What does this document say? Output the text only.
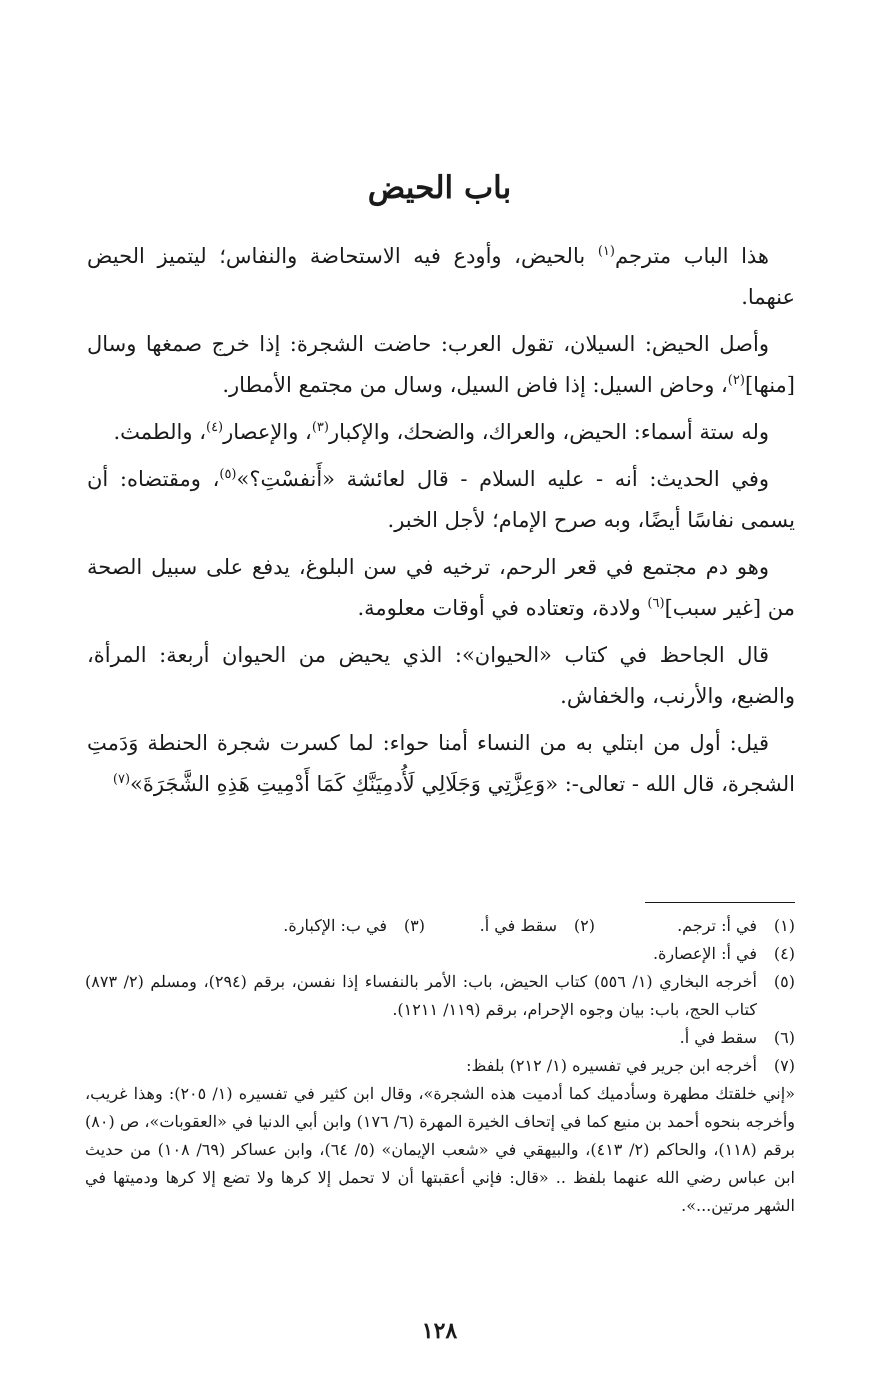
باب الحيض

هذا الباب مترجم$^{(١)}$ بالحيض، وأودع فيه الاستحاضة والنفاس؛ ليتميز الحيض عنهما.

وأصل الحيض: السيلان، تقول العرب: حاضت الشجرة: إذا خرج صمغها وسال [منها]$^{(٢)}$، وحاض السيل: إذا فاض السيل، وسال من مجتمع الأمطار.

وله ستة أسماء: الحيض، والعراك، والضحك، والإكبار$^{(٣)}$، والإعصار$^{(٤)}$، والطمث.

وفي الحديث: أنه - عليه السلام - قال لعائشة «أَنفسْتِ؟»$^{(٥)}$، ومقتضاه: أن يسمى نفاسًا أيضًا، وبه صرح الإمام؛ لأجل الخبر.

وهو دم مجتمع في قعر الرحم، ترخيه في سن البلوغ، يدفع على سبيل الصحة من [غير سبب]$^{(٦)}$ ولادة، وتعتاده في أوقات معلومة.

قال الجاحظ في كتاب «الحيوان»: الذي يحيض من الحيوان أربعة: المرأة، والضبع، والأرنب، والخفاش.

قيل: أول من ابتلي به من النساء أمنا حواء: لما كسرت شجرة الحنطة وَدَمتِ الشجرة، قال الله - تعالى-: «وَعِزَّتِي وَجَلَالِي لَأُدمِيَنَّكِ كَمَا أَدْمِيتِ هَذِهِ الشَّجَرَةَ»$^{(٧)}$

(١)
في أ: ترجم.
(٢)
سقط في أ.
(٣)
في ب: الإكبارة.
(٤)
في أ: الإعصارة.
(٥)
أخرجه البخاري (١/ ٥٥٦) كتاب الحيض، باب: الأمر بالنفساء إذا نفسن، برقم (٢٩٤)، ومسلم (٢/ ٨٧٣) كتاب الحج، باب: بيان وجوه الإحرام، برقم (١١٩/ ١٢١١).
(٦)
سقط في أ.
(٧)
أخرجه ابن جرير في تفسيره (١/ ٢١٢) بلفظ:
«إني خلقتك مطهرة وسأدميك كما أدميت هذه الشجرة»، وقال ابن كثير في تفسيره (١/ ٢٠٥): وهذا غريب، وأخرجه بنحوه أحمد بن منيع كما في إتحاف الخيرة المهرة (٦/ ١٧٦) وابن أبي الدنيا في «العقوبات»، ص (٨٠) برقم (١١٨)، والحاكم (٢/ ٤١٣)، والبيهقي في «شعب الإيمان» (٥/ ٦٤)، وابن عساكر (٦٩/ ١٠٨) من حديث ابن عباس رضي الله عنهما بلفظ .. «قال: فإني أعقبتها أن لا تحمل إلا كرها ولا تضع إلا كرها ودميتها في الشهر مرتين...».
١٢٨
